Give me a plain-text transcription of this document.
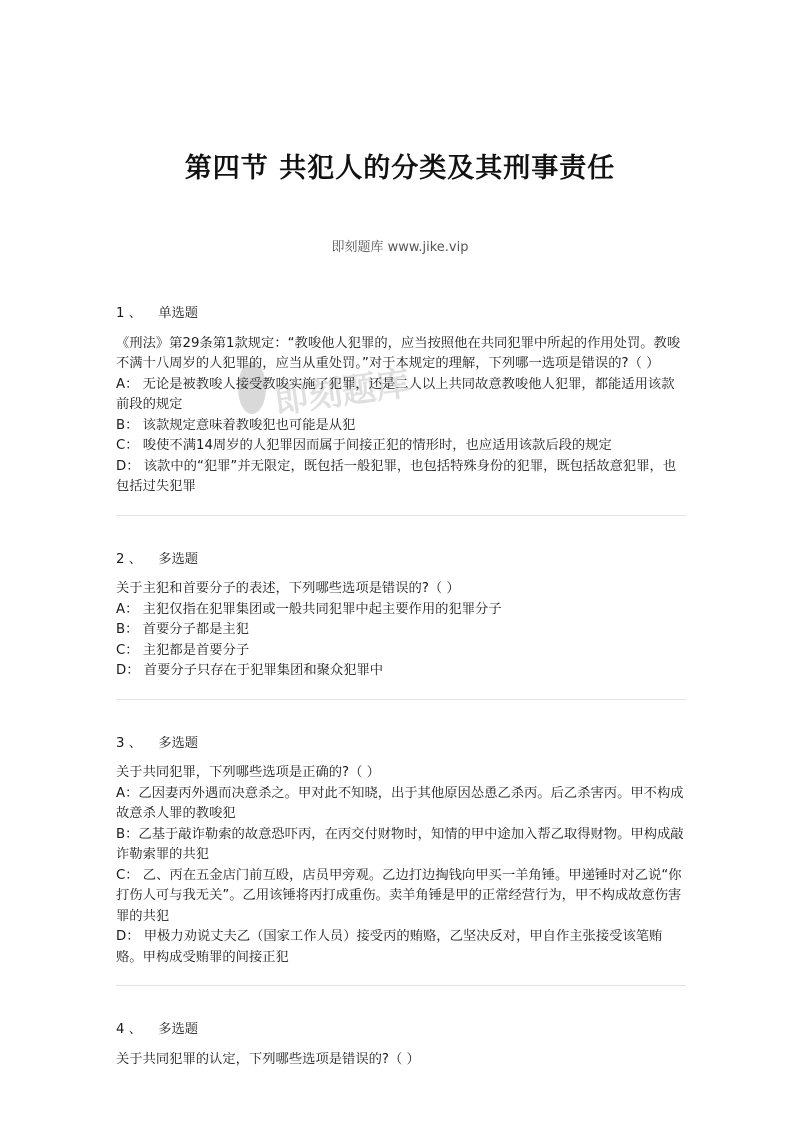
第四节 共犯人的分类及其刑事责任
即刻题库 www.jike.vip
即刻题库
1 、 单选题
《刑法》第29条第1款规定：“教唆他人犯罪的，应当按照他在共同犯罪中所起的作用处罚。教唆不满十八周岁的人犯罪的，应当从重处罚。”对于本规定的理解，下列哪一选项是错误的?（ ）
A： 无论是被教唆人接受教唆实施了犯罪，还是二人以上共同故意教唆他人犯罪，都能适用该款前段的规定
B： 该款规定意味着教唆犯也可能是从犯
C： 唆使不满14周岁的人犯罪因而属于间接正犯的情形时，也应适用该款后段的规定
D： 该款中的“犯罪”并无限定，既包括一般犯罪，也包括特殊身份的犯罪，既包括故意犯罪，也包括过失犯罪
2 、 多选题
关于主犯和首要分子的表述，下列哪些选项是错误的?（ ）
A： 主犯仅指在犯罪集团或一般共同犯罪中起主要作用的犯罪分子
B： 首要分子都是主犯
C： 主犯都是首要分子
D： 首要分子只存在于犯罪集团和聚众犯罪中
3 、 多选题
关于共同犯罪，下列哪些选项是正确的?（ ）
A：乙因妻丙外遇而决意杀之。甲对此不知晓，出于其他原因怂恿乙杀丙。后乙杀害丙。甲不构成故意杀人罪的教唆犯
B：乙基于敲诈勒索的故意恐吓丙，在丙交付财物时，知情的甲中途加入帮乙取得财物。甲构成敲诈勒索罪的共犯
C： 乙、丙在五金店门前互殴，店员甲旁观。乙边打边掏钱向甲买一羊角锤。甲递锤时对乙说“你打伤人可与我无关”。乙用该锤将丙打成重伤。卖羊角锤是甲的正常经营行为，甲不构成故意伤害罪的共犯
D： 甲极力劝说丈夫乙（国家工作人员）接受丙的贿赂，乙坚决反对，甲自作主张接受该笔贿赂。甲构成受贿罪的间接正犯
4 、 多选题
关于共同犯罪的认定，下列哪些选项是错误的?（ ）
